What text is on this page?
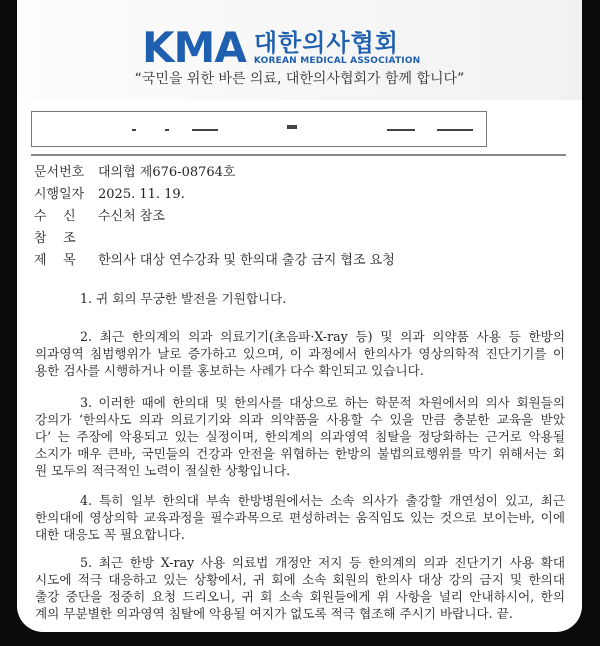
KMA 대한의사협회
KOREAN MEDICAL ASSOCIATION
“국민을 위한 바른 의료, 대한의사협회가 함께 합니다”
문서번호 대의협 제676-08764호
시행일자 2025. 11. 19.
수    신 수신처 참조
참    조
제    목 한의사 대상 연수강좌 및 한의대 출강 금지 협조 요청
1. 귀 회의 무궁한 발전을 기원합니다.
2. 최근 한의계의 의과 의료기기(초음파·X-ray 등) 및 의과 의약품 사용 등 한방의
의과영역 침범행위가 날로 증가하고 있으며, 이 과정에서 한의사가 영상의학적 진단기기를 이
용한 검사를 시행하거나 이를 홍보하는 사례가 다수 확인되고 있습니다.
3. 이러한 때에 한의대 및 한의사를 대상으로 하는 학문적 차원에서의 의사 회원들의
강의가 ‘한의사도 의과 의료기기와 의과 의약품을 사용할 수 있을 만큼 충분한 교육을 받았
다’ 는 주장에 악용되고 있는 실정이며, 한의계의 의과영역 침탈을 정당화하는 근거로 악용될
소지가 매우 큰바, 국민들의 건강과 안전을 위협하는 한방의 불법의료행위를 막기 위해서는 회
원 모두의 적극적인 노력이 절실한 상황입니다.
4. 특히 일부 한의대 부속 한방병원에서는 소속 의사가 출강할 개연성이 있고, 최근
한의대에 영상의학 교육과정을 필수과목으로 편성하려는 움직임도 있는 것으로 보이는바, 이에
대한 대응도 꼭 필요합니다.
5. 최근 한방 X-ray 사용 의료법 개정안 저지 등 한의계의 의과 진단기기 사용 확대
시도에 적극 대응하고 있는 상황에서, 귀 회에 소속 회원의 한의사 대상 강의 금지 및 한의대
출강 중단을 정중히 요청 드리오니, 귀 회 소속 회원들에게 위 사항을 널리 안내하시어, 한의
계의 무분별한 의과영역 침탈에 악용될 여지가 없도록 적극 협조해 주시기 바랍니다. 끝.
